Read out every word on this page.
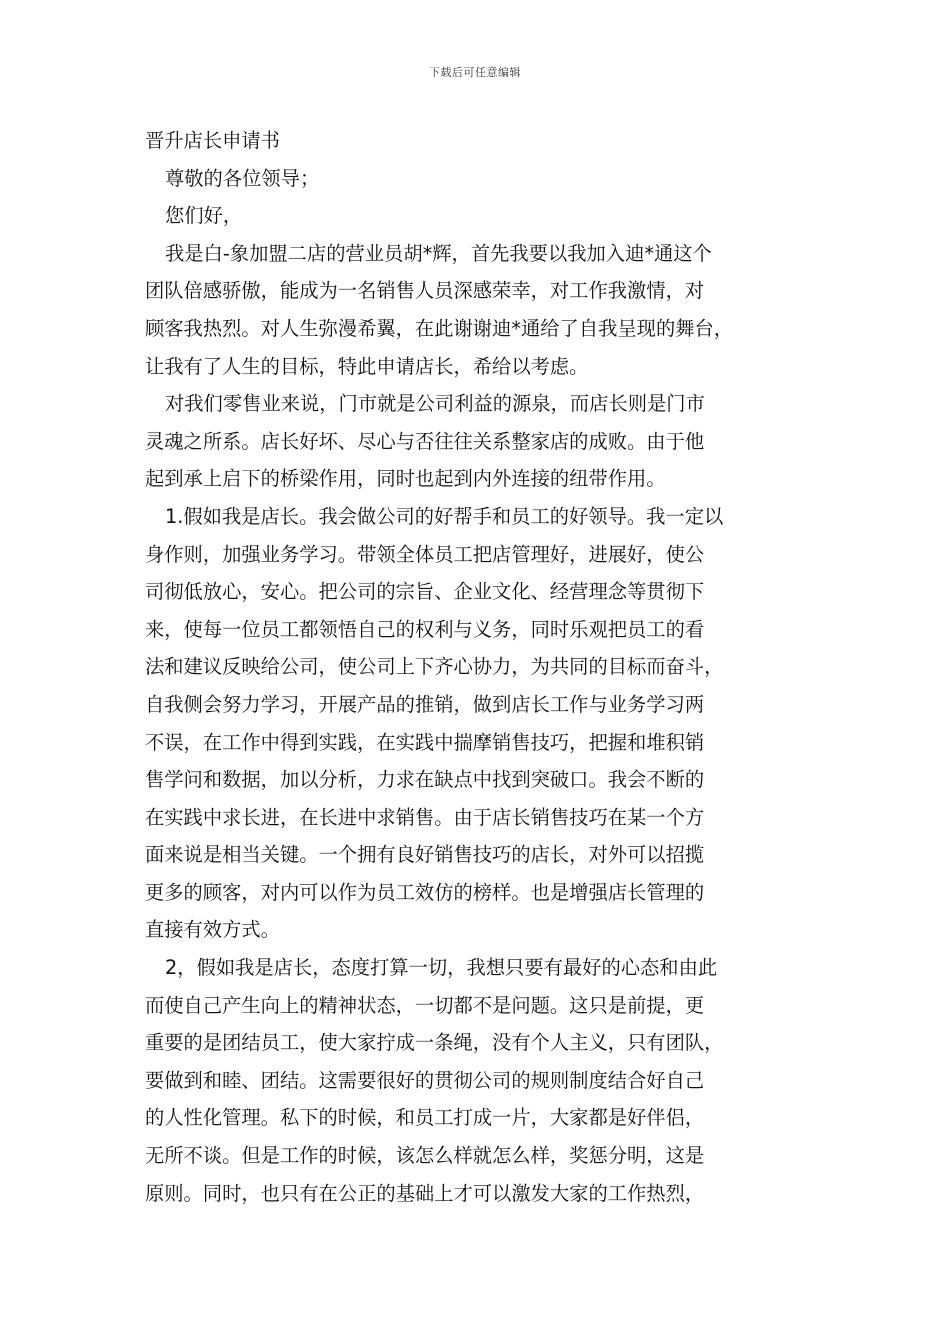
下载后可任意编辑
晋升店长申请书
尊敬的各位领导；
您们好，
我是白-象加盟二店的营业员胡*辉，首先我要以我加入迪*通这个
团队倍感骄傲，能成为一名销售人员深感荣幸，对工作我激情，对
顾客我热烈。对人生弥漫希翼，在此谢谢迪*通给了自我呈现的舞台，
让我有了人生的目标，特此申请店长，希给以考虑。
对我们零售业来说，门市就是公司利益的源泉，而店长则是门市
灵魂之所系。店长好坏、尽心与否往往关系整家店的成败。由于他
起到承上启下的桥梁作用，同时也起到内外连接的纽带作用。
1.假如我是店长。我会做公司的好帮手和员工的好领导。我一定以
身作则，加强业务学习。带领全体员工把店管理好，进展好，使公
司彻低放心，安心。把公司的宗旨、企业文化、经营理念等贯彻下
来，使每一位员工都领悟自己的权利与义务，同时乐观把员工的看
法和建议反映给公司，使公司上下齐心协力，为共同的目标而奋斗，
自我侧会努力学习，开展产品的推销，做到店长工作与业务学习两
不误，在工作中得到实践，在实践中揣摩销售技巧，把握和堆积销
售学问和数据，加以分析，力求在缺点中找到突破口。我会不断的
在实践中求长进，在长进中求销售。由于店长销售技巧在某一个方
面来说是相当关键。一个拥有良好销售技巧的店长，对外可以招揽
更多的顾客，对内可以作为员工效仿的榜样。也是增强店长管理的
直接有效方式。
2，假如我是店长，态度打算一切，我想只要有最好的心态和由此
而使自己产生向上的精神状态，一切都不是问题。这只是前提，更
重要的是团结员工，使大家拧成一条绳，没有个人主义，只有团队，
要做到和睦、团结。这需要很好的贯彻公司的规则制度结合好自己
的人性化管理。私下的时候，和员工打成一片，大家都是好伴侣，
无所不谈。但是工作的时候，该怎么样就怎么样，奖惩分明，这是
原则。同时，也只有在公正的基础上才可以激发大家的工作热烈，
